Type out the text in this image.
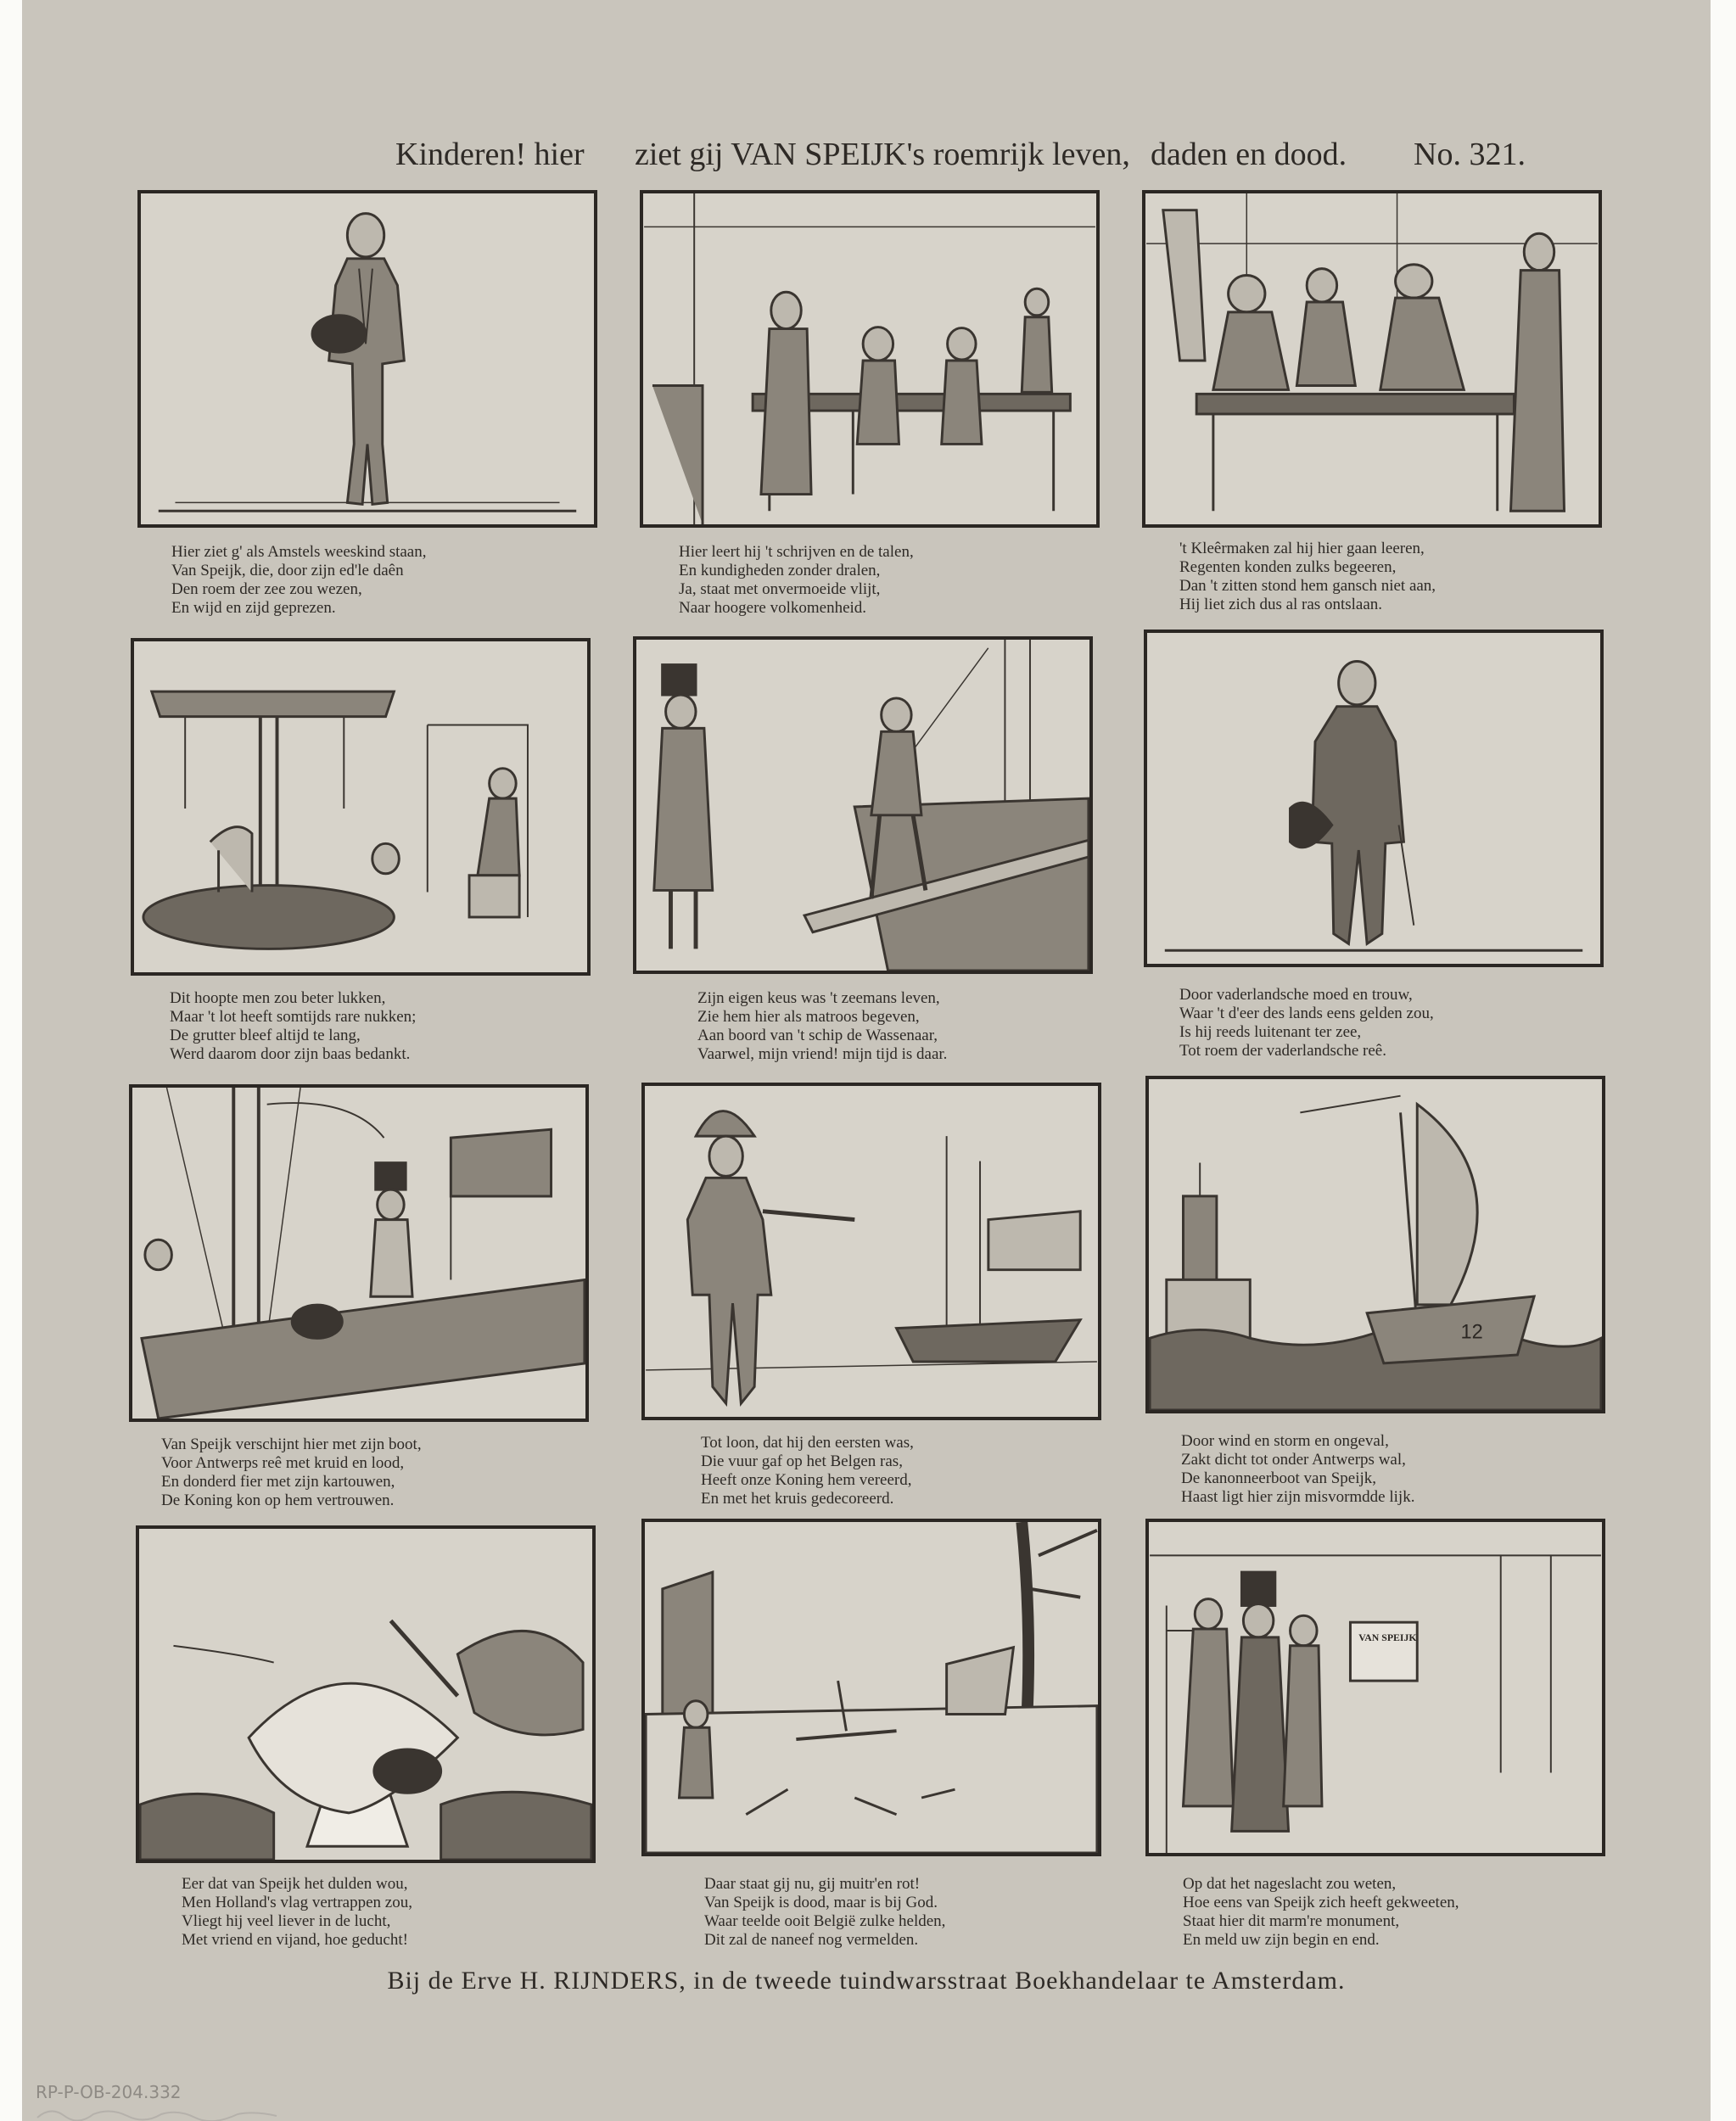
Kinderen! hier ziet gij VAN SPEIJK's roemrijk leven, daden en dood. No. 321.
Hier ziet g' als Amstels weeskind staan,
Van Speijk, die, door zijn ed'le daên
Den roem der zee zou wezen,
En wijd en zijd geprezen.
Hier leert hij 't schrijven en de talen,
En kundigheden zonder dralen,
Ja, staat met onvermoeide vlijt,
Naar hoogere volkomenheid.
't Kleêrmaken zal hij hier gaan leeren,
Regenten konden zulks begeeren,
Dan 't zitten stond hem gansch niet aan,
Hij liet zich dus al ras ontslaan.
Dit hoopte men zou beter lukken,
Maar 't lot heeft somtijds rare nukken;
De grutter bleef altijd te lang,
Werd daarom door zijn baas bedankt.
Zijn eigen keus was 't zeemans leven,
Zie hem hier als matroos begeven,
Aan boord van 't schip de Wassenaar,
Vaarwel, mijn vriend! mijn tijd is daar.
Door vaderlandsche moed en trouw,
Waar 't d'eer des lands eens gelden zou,
Is hij reeds luitenant ter zee,
Tot roem der vaderlandsche reê.
Van Speijk verschijnt hier met zijn boot,
Voor Antwerps reê met kruid en lood,
En donderd fier met zijn kartouwen,
De Koning kon op hem vertrouwen.
Tot loon, dat hij den eersten was,
Die vuur gaf op het Belgen ras,
Heeft onze Koning hem vereerd,
En met het kruis gedecoreerd.
12
Door wind en storm en ongeval,
Zakt dicht tot onder Antwerps wal,
De kanonneerboot van Speijk,
Haast ligt hier zijn misvormdde lijk.
Eer dat van Speijk het dulden wou,
Men Holland's vlag vertrappen zou,
Vliegt hij veel liever in de lucht,
Met vriend en vijand, hoe geducht!
Daar staat gij nu, gij muitr'en rot!
Van Speijk is dood, maar is bij God.
Waar teelde ooit België zulke helden,
Dit zal de naneef nog vermelden.
VAN SPEIJK
Op dat het nageslacht zou weten,
Hoe eens van Speijk zich heeft gekweeten,
Staat hier dit marm're monument,
En meld uw zijn begin en end.
Bij de Erve H. RIJNDERS, in de tweede tuindwarsstraat Boekhandelaar te Amsterdam.
RP-P-OB-204.332
